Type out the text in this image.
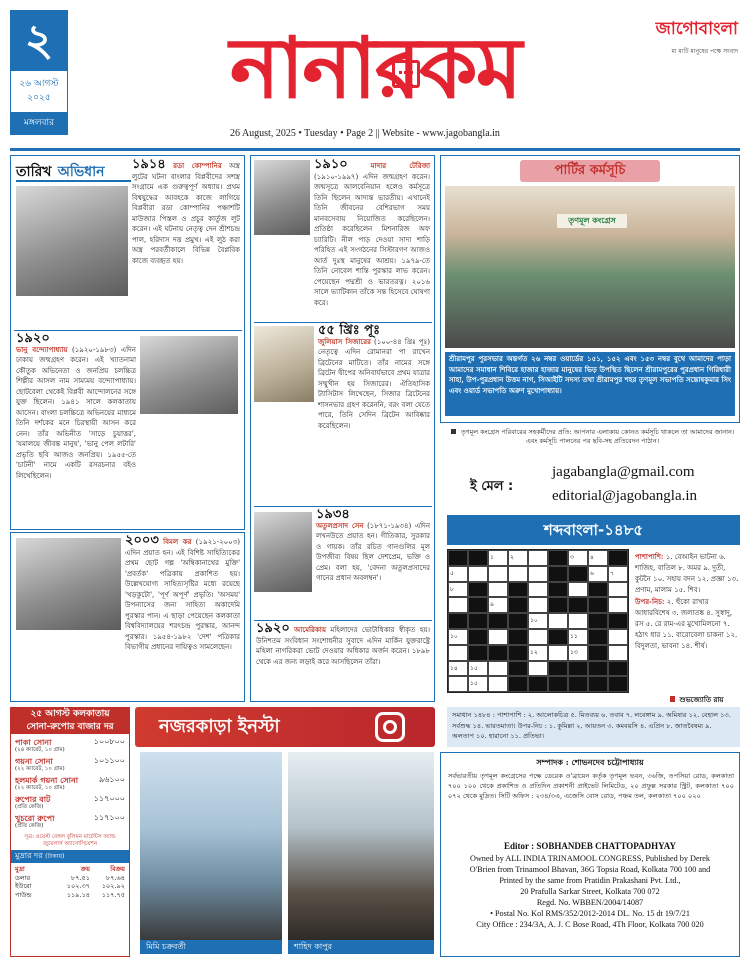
২
২৬ আগস্ট ২০২৫
মঙ্গলবার
নানারকম
26 August, 2025 • Tuesday • Page 2 || Website - www.jagobangla.in
জাগোবাংলা
মা মাটি মানুষের পক্ষে সংবাদ
তারিখ অভিধান	১৯১৪ রডা কোম্পানির অস্ত্র লুটের ঘটনা বাংলার বিপ্লবীদের সশস্ত্র সংগ্রামে এক গুরুত্বপূর্ণ অধ্যায়। প্রথম বিশ্বযুদ্ধের আবহকে কাজে লাগিয়ে বিপ্লবীরা রডা কোম্পানির পঞ্চাশটি মাউজার পিস্তল ও প্রচুর কার্তুজ লুট করেন। এই ঘটনায় নেতৃত্ব দেন শ্রীশচন্দ্র পাল, হরিদাস দত্ত প্রমুখ। এই লুঠ করা অস্ত্র পরবর্তীকালে বিভিন্ন বৈপ্লবিক কাজে ব্যবহৃত হয়।
১৯২০
ভানু বন্দ্যোপাধ্যায় (১৯২০-১৯৮৩) এদিন ঢাকায় জন্মগ্রহণ করেন। এই খ্যাতনামা কৌতুক অভিনেতা ও জনপ্রিয় চলচ্চিত্র শিল্পীর আসল নাম সাম্যময় বন্দ্যোপাধ্যায়। ছোটবেলা থেকেই বিপ্লবী আন্দোলনের সঙ্গে যুক্ত ছিলেন। ১৯৪১ সালে কলকাতায় আসেন। বাংলা চলচ্চিত্রে অভিনয়ের মাধ্যমে তিনি দর্শকের মনে চিরস্থায়ী আসন করে নেন। তাঁর অভিনীত 'সাড়ে চুয়াত্তর', 'যমালয়ে জীবন্ত মানুষ', 'ভানু পেল লটারি' প্রভৃতি ছবি আজও জনপ্রিয়। ১৯৫৫-তে 'চাটনী' নামে একটি রসরচনার বইও লিখেছিলেন।
২০০৩ বিমল কর (১৯২১-২০০৩) এদিন প্রয়াত হন। এই বিশিষ্ট সাহিত্যিকের প্রথম ছোট গল্প 'অম্বিকানাথের মুক্তি' 'প্রবর্তক' পত্রিকায় প্রকাশিত হয়। উল্লেখযোগ্য সাহিত্যসৃষ্টির মধ্যে রয়েছে 'খড়কুটো', 'পূর্ণ অপূর্ণ' প্রভৃতি। 'অসময়' উপন্যাসের জন্য সাহিত্য অকাদেমি পুরস্কার পান। এ ছাড়া পেয়েছেন কলকাতা বিশ্ববিদ্যালয়ের শরৎচন্দ্র পুরস্কার, আনন্দ পুরস্কার। ১৯৫৪-১৯৮২ 'দেশ' পত্রিকার বিভাগীয় প্রধানের দায়িত্বও সামলেছেন।
১৯১০	মাদার টেরিজা (১৯১০-১৯৯৭) এদিন জন্মগ্রহণ করেন। জন্মসূত্রে আলবেনিয়ান হলেও কর্মসূত্রে তিনি ছিলেন আদ্যন্ত ভারতীয়। এখানেই তিনি জীবনের বেশিরভাগ সময় মানবসেবায় নিয়োজিত করেছিলেন। প্রতিষ্ঠা করেছিলেন মিশনারিজ অফ চ্যারিটি। নীল পাড় দেওয়া সাদা শাড়ি পরিহিত এই সংগঠনের সিস্টারগণ আজও আর্ত দুঃস্থ মানুষের আশ্রয়। ১৯৭৯-তে তিনি নোবেল শান্তি পুরস্কার লাভ করেন। পেয়েছেন পদ্মশ্রী ও ভারতরত্ন। ২০১৬ সালে ভ্যাটিকান তাঁকে সন্ত হিসেবে ঘোষণা করে।
৫৫ খ্রিঃ পূঃ
জুলিয়াস সিজারের (১০০-৪৪ খ্রিঃ পূঃ) নেতৃত্বে এদিন রোমানরা পা রাখেন ব্রিটেনের মাটিতে। তাঁর নামের সঙ্গে ব্রিটেন দ্বীপের অনিবার্যভাবে প্রথম যাত্রার সম্মুখীন হয় সিজারের। ঐতিহাসিক ট্যাসিটাস লিখেছেন, সিজার ব্রিটেনের শাসনভার গ্রহণ করেননি, বরং বলা যেতে পারে, তিনি সেদিন ব্রিটেন আবিষ্কার করেছিলেন।
১৯৩৪
অতুলপ্রসাদ সেন (১৮৭১-১৯৩৪) এদিন লখনউতে প্রয়াত হন। গীতিকার, সুরকার ও গায়ক। তাঁর রচিত গানগুলির মূল উপজীব্য বিষয় ছিল দেশপ্রেম, ভক্তি ও প্রেম। বলা হয়, 'বেদনা অতুলপ্রসাদের গানের প্রধান অবলম্বন'।
১৯২০ আমেরিকায় মহিলাদের ভোটাধিকার স্বীকৃত হয়। উনিশতম সংবিধান সংশোধনীর সুবাদে এদিন মার্কিন যুক্তরাষ্ট্রে মহিলা নাগরিকরা ভোট দেওয়ার অধিকার অর্জন করেন। ১৮৯৮ থেকে এর জন্য লড়াই করে আসছিলেন তাঁরা।
২৫ আগস্ট কলকাতায়
সোনা-রুপোর বাজার দর
পাকা সোনা	১০০৮০০
(২৪ ক্যারেট, ১০ গ্রাম)
গয়না সোনা	১০১১০০
(২২ ক্যারেট, ১০ গ্রাম)
হলমার্ক গয়না সোনা	৯৬১০০
(২২ ক্যারেট, ১০ গ্রাম)
রুপোর বাট	১১৭০০০
(প্রতি কেজি)
খুচরো রুপো	১১৭১০০
(প্রতি কেজি)
সূত্র: ওয়েস্ট বেঙ্গল বুলিয়ন মার্চেন্টস অ্যান্ড জুয়েলার্স অ্যাসোসিয়েশন
মুদ্রার দর (টাকায়)
মুদ্রা	ক্রয়	বিক্রয়
ডলার	৮৭.৫১	৮৭.৬৪
ইউরো	১০২.৩৭	১০২.৯২
পাউন্ড	১১৯.১৪	১১৭.৭৫
নজরকাড়া ইনস্টা
মিমি চক্রবর্তী	শাহিদ কাপুর
পার্টির কর্মসূচি
তৃণমূল কংগ্রেস
শ্রীরামপুর পুরসভার অন্তর্গত ২৬ নম্বর ওয়ার্ডের ১৫১, ১৫২ এবং ১৫৩ নম্বর বুথে আমাদের পাড়া আমাদের সমাধান শিবিরে হাজার হাজার মানুষের ভিড় উপস্থিত ছিলেন শ্রীরামপুরের পুরপ্রধান গিরিধারী সাহা, উপ-পুরপ্রধান উত্তম নাগ, সিআইটি সদস্য তথা শ্রীরামপুর শহর তৃণমূল সভাপতি সন্তোষকুমার সিং এবং ওয়ার্ড সভাপতি অরুণ মুখোপাধ্যায়।
তৃণমূল কংগ্রেস পরিবারের সহকর্মীদের প্রতি: আপনার এলাকায় কোনও কর্মসূচি থাকলে তা আমাদের জানান। এবং কর্মসূচি পালনের পর ছবি-সহ প্রতিবেদন পাঠান।
ই মেল :
jagabangla@gmail.com
editorial@jagobangla.in
শব্দবাংলা-১৪৮৫
১	২	৩	৪
৫	৬	৭
৮
৯
১০
১০	১১
১২	১৩
১৪	১৫
১৫
পাশাপাশি: ১. বেআইন ভাটনা ৬. শাজিহ, বাতিল ৮. অমর ৯. দুতী, কুটনৈ ১০. সহায় বদন ১২. প্রজ্ঞা ১৩. প্রণাম, মালাম ১৫. শিব।
উপর-নিচ: ২. হুঁকো রাখার আধারবিশেষ ৩. জলাতঙ্ক ৪. সুস্বাদু, রস ৫. রে রাম-এর মুখোমিলনো ৭. হঠাৎ ধার ১১. বারোবেলা চাকনা ১২. বিদুলতা, ভাবনা ১৪. শীর্ষ।
শুভজ্যোতি রায়
সমাধান ১৪৮৪ : পাশাপাশি : ২. আলোকচিত্র ৫. মিতব্যয় ৬. তবাব ৭. লবেঙ্গাম ৯. অমিষার ১২. বেহাল ১৩. সর্বশুদ্ধ ১৪. ভারতমাতা। উপর-নিচ : ১. কুমিল্লা ২. আয়তন ৩. কমবয়সি ৪. এপ্রিন ৮. জাতবৈষম্য ৯. অলতাপ ১০. হারানো ১১. প্রতিভা।
সম্পাদক : শোভনদেব চট্টোপাধ্যায়
সর্বভারতীয় তৃণমূল কংগ্রেসের পক্ষে ডেরেক ও'ব্রায়েন কর্তৃক তৃণমূল ভবন, ৩৬জি, তপসিয়া রোড, কলকাতা ৭০০ ১০০ থেকে প্রকাশিত ও প্রতিদিন প্রকাশনী প্রাইভেট লিমিটেড, ২০ প্রফুল্ল সরকার স্ট্রিট, কলকাতা ৭০০ ০৭২ থেকে মুদ্রিত। সিটি অফিস : ২৩৪/৩এ, এজেসি বোস রোড, পঞ্চম তল, কলকাতা ৭০০ ০২০
Editor : SOBHANDEB CHATTOPADHYAY
Owned by ALL INDIA TRINAMOOL CONGRESS, Published by Derek
O'Brien from Trinamool Bhavan, 36G Topsia Road, Kolkata 700 100 and
Printed by the same from Pratidin Prakashani Pvt. Ltd.,
20 Prafulla Sarkar Street, Kolkata 700 072
Regd. No. WBBEN/2004/14087
• Postal No. Kol RMS/352/2012-2014 DL. No. 15 dt 19/7/21
City Office : 234/3A, A. J. C Bose Road, 4Th Floor, Kolkata 700 020
